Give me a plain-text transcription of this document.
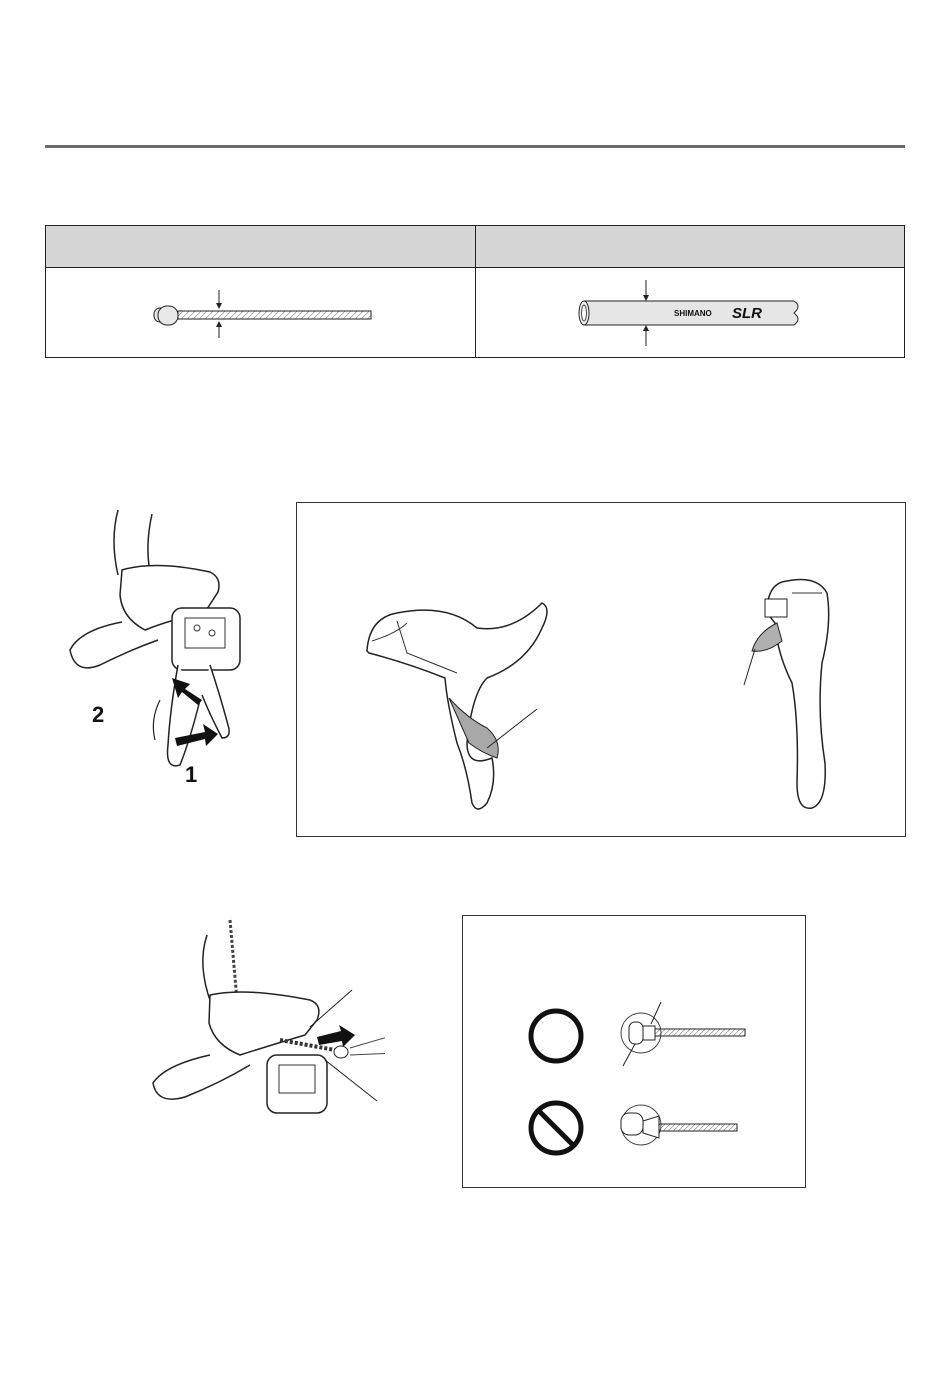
SHIMANO SLR
1
2
